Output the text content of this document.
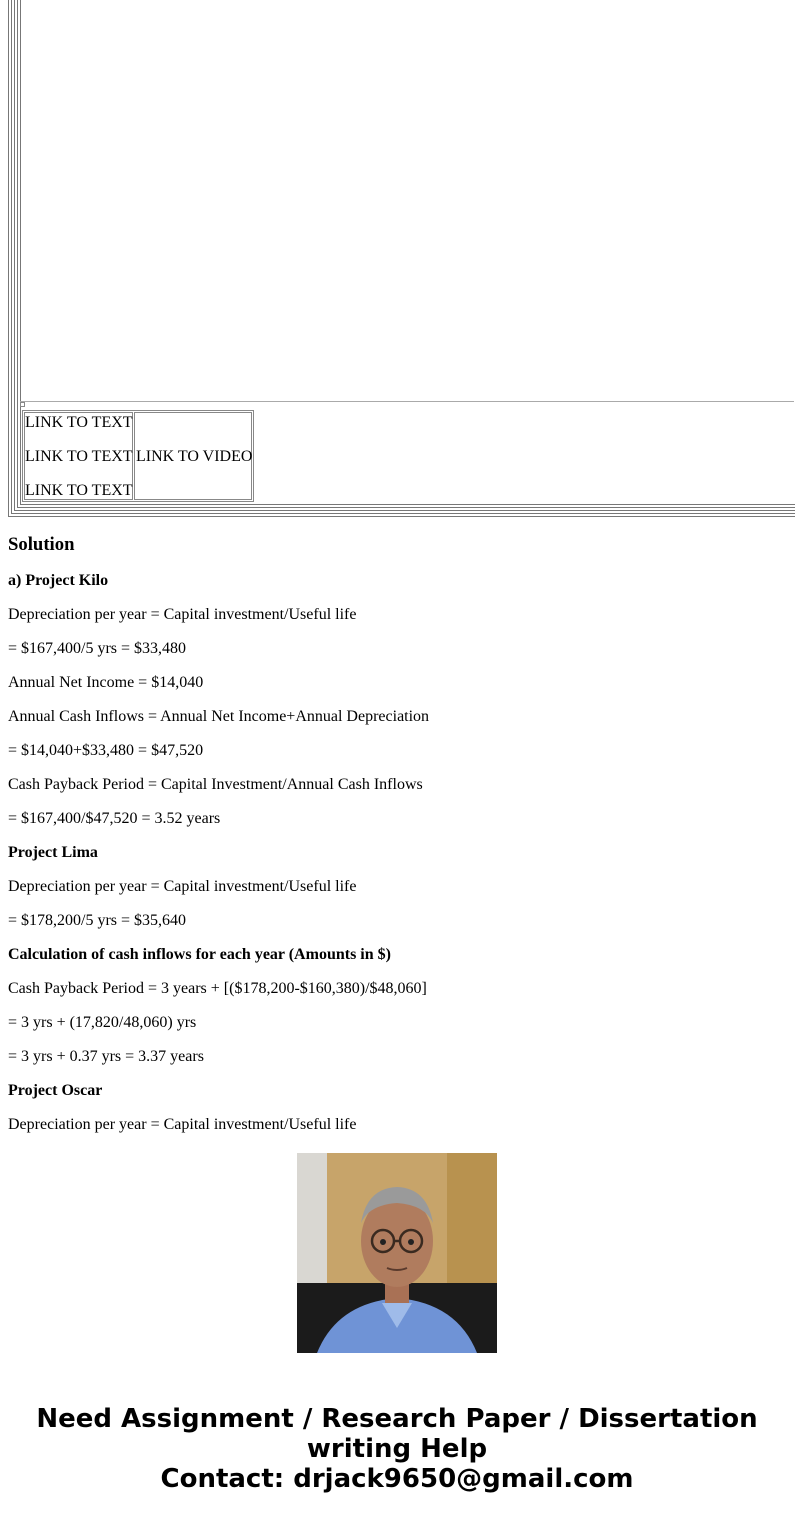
LINK TO TEXT
LINK TO TEXT
LINK TO TEXT
LINK TO VIDEO
Solution

a) Project Kilo

Depreciation per year = Capital investment/Useful life

= $167,400/5 yrs = $33,480

Annual Net Income = $14,040

Annual Cash Inflows = Annual Net Income+Annual Depreciation

= $14,040+$33,480 = $47,520

Cash Payback Period = Capital Investment/Annual Cash Inflows

= $167,400/$47,520 = 3.52 years

Project Lima

Depreciation per year = Capital investment/Useful life

= $178,200/5 yrs = $35,640

Calculation of cash inflows for each year (Amounts in $)

Cash Payback Period = 3 years + [($178,200-$160,380)/$48,060]

= 3 yrs + (17,820/48,060) yrs

= 3 yrs + 0.37 yrs = 3.37 years

Project Oscar

Depreciation per year = Capital investment/Useful life

Need Assignment / Research Paper / Dissertation
writing Help
Contact: drjack9650@gmail.com
